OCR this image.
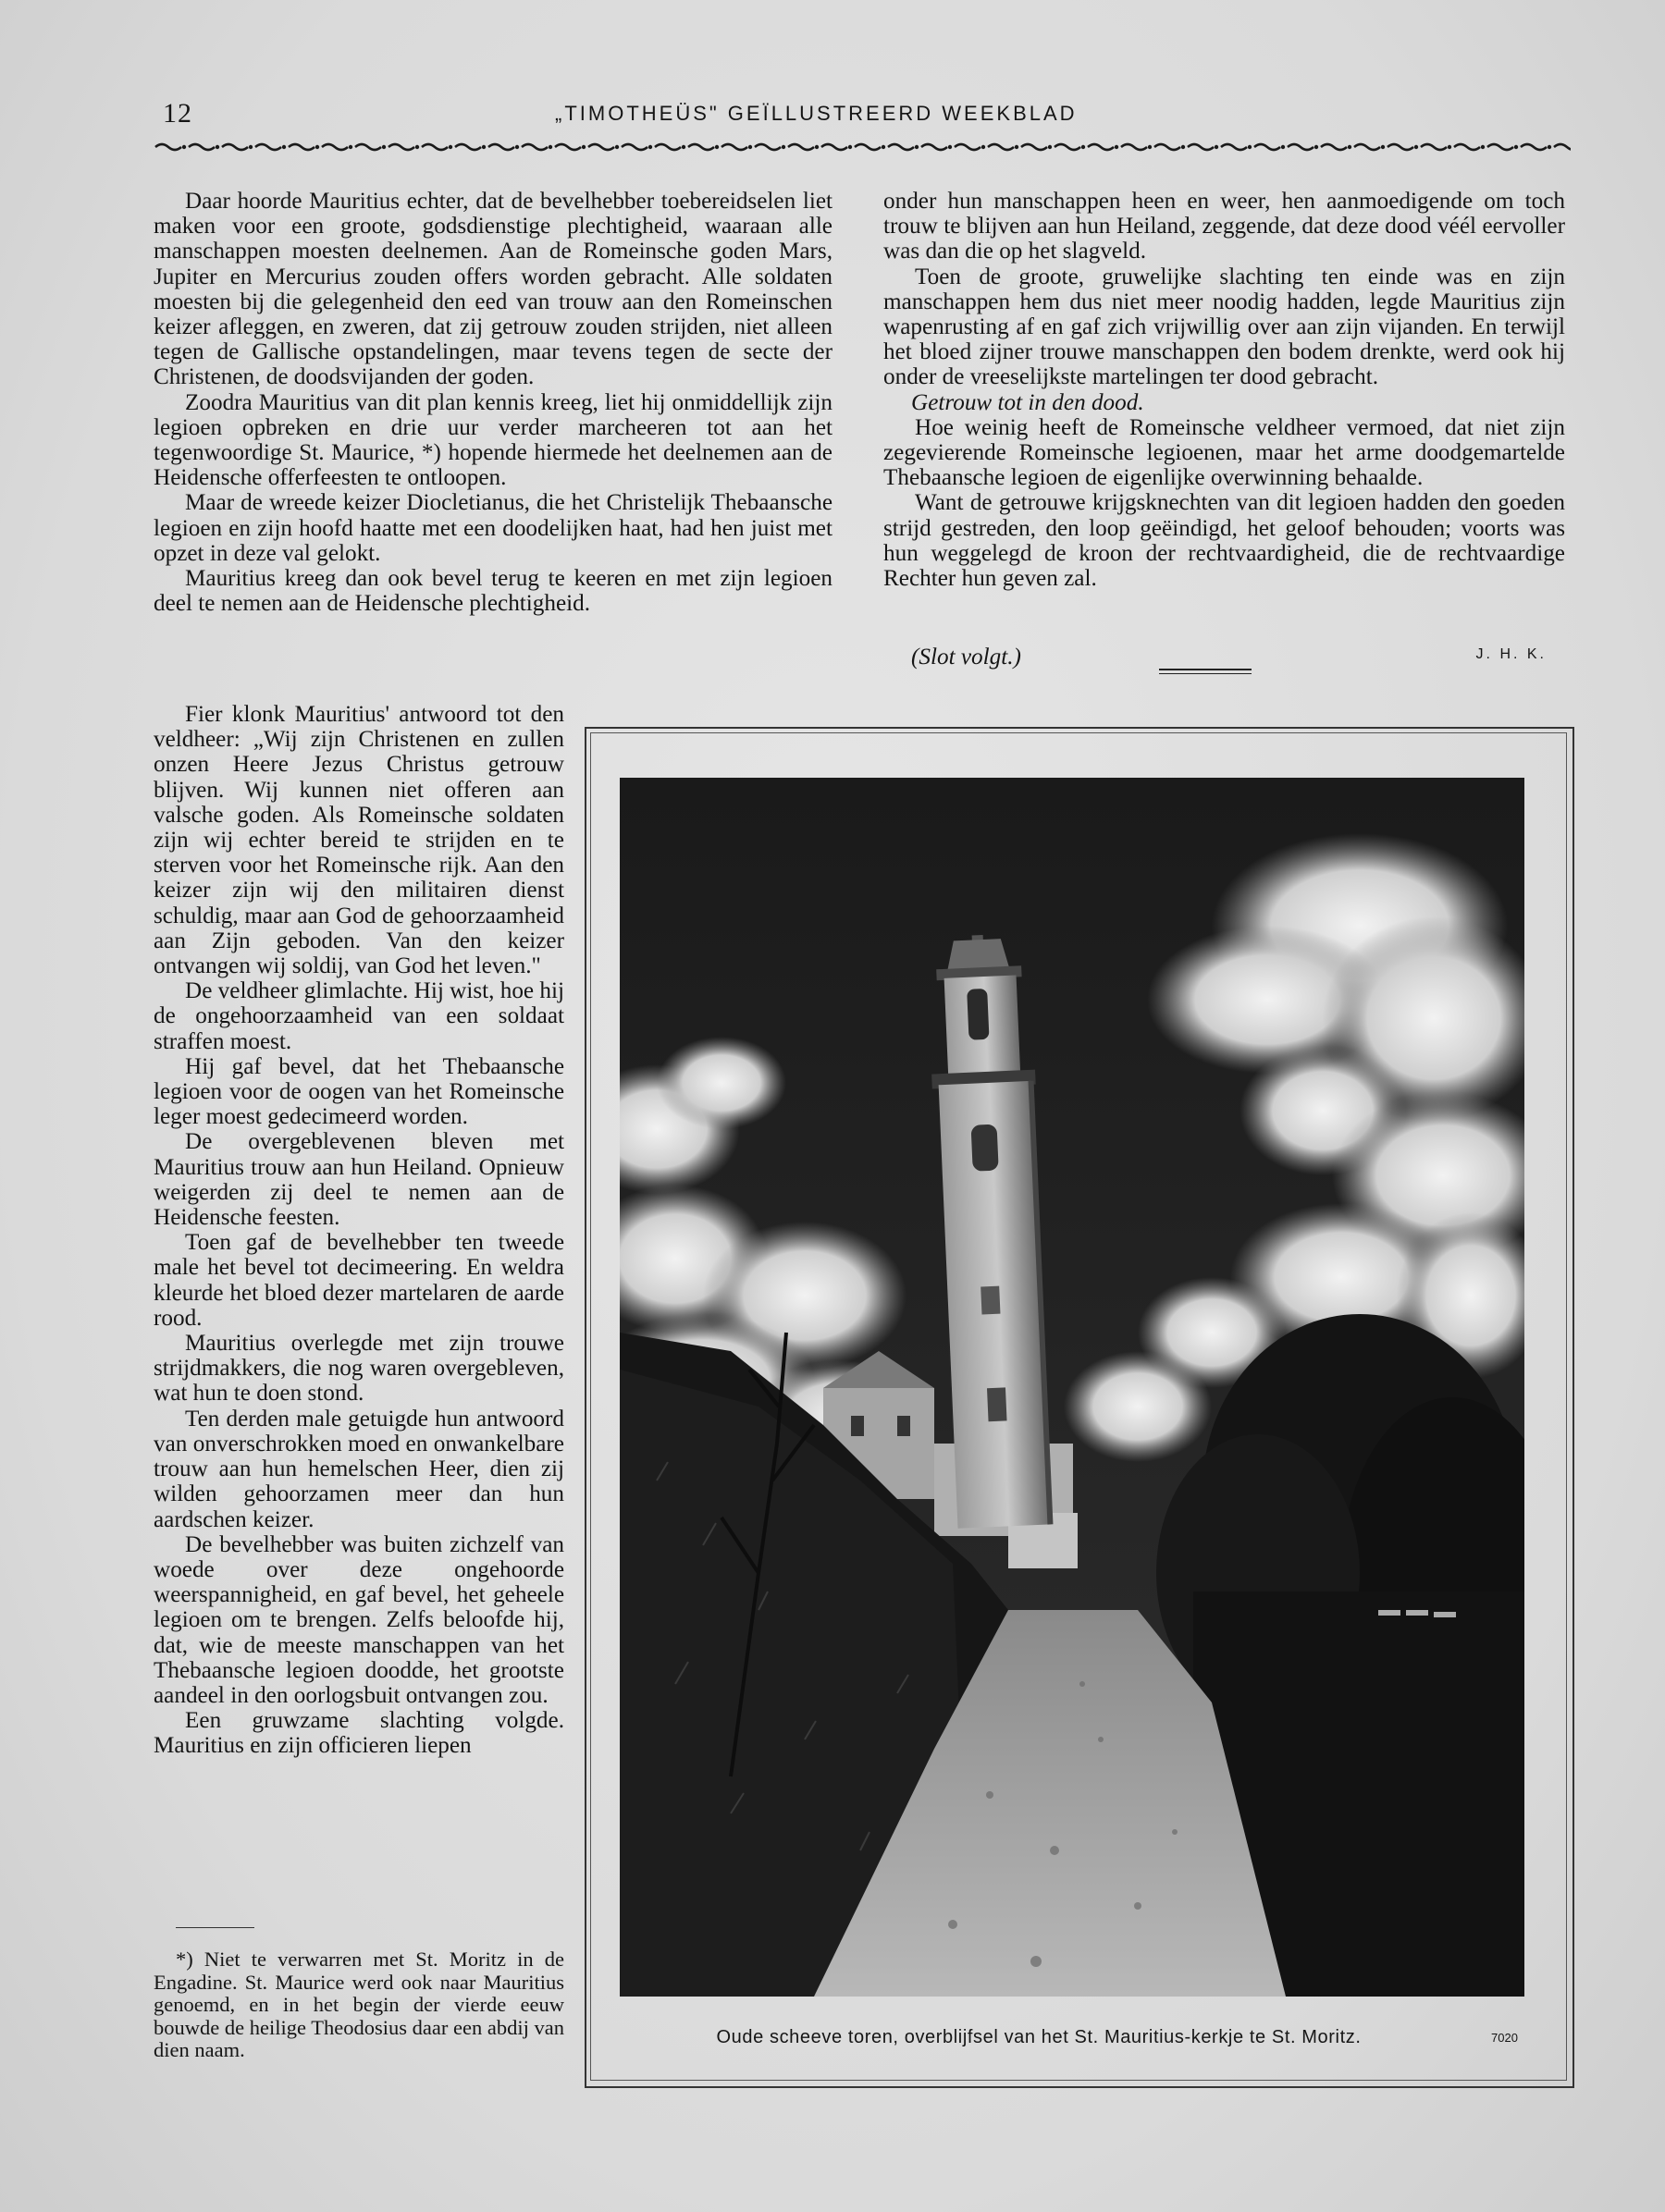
12	„TIMOTHEÜS" GEÏLLUSTREERD WEEKBLAD

Daar hoorde Mauritius echter, dat de bevelhebber toebereidselen liet maken voor een groote, godsdienstige plechtigheid, waaraan alle manschappen moesten deelnemen. Aan de Romeinsche goden Mars, Jupiter en Mercurius zouden offers worden gebracht. Alle soldaten moesten bij die gelegenheid den eed van trouw aan den Romeinschen keizer afleggen, en zweren, dat zij getrouw zouden strijden, niet alleen tegen de Gallische opstandelingen, maar tevens tegen de secte der Christenen, de doodsvijanden der goden.

Zoodra Mauritius van dit plan kennis kreeg, liet hij onmiddellijk zijn legioen opbreken en drie uur verder marcheeren tot aan het tegenwoordige St. Maurice, *) hopende hiermede het deelnemen aan de Heidensche offerfeesten te ontloopen.

Maar de wreede keizer Diocletianus, die het Christelijk Thebaansche legioen en zijn hoofd haatte met een doodelijken haat, had hen juist met opzet in deze val gelokt.

Mauritius kreeg dan ook bevel terug te keeren en met zijn legioen deel te nemen aan de Heidensche plechtigheid.

Fier klonk Mauritius' antwoord tot den veldheer: „Wij zijn Christenen en zullen onzen Heere Jezus Christus getrouw blijven. Wij kunnen niet offeren aan valsche goden. Als Romeinsche soldaten zijn wij echter bereid te strijden en te sterven voor het Romeinsche rijk. Aan den keizer zijn wij den militairen dienst schuldig, maar aan God de gehoorzaamheid aan Zijn geboden. Van den keizer ontvangen wij soldij, van God het leven."

De veldheer glimlachte. Hij wist, hoe hij de ongehoorzaamheid van een soldaat straffen moest.

Hij gaf bevel, dat het Thebaansche legioen voor de oogen van het Romeinsche leger moest gedecimeerd worden.

De overgeblevenen bleven met Mauritius trouw aan hun Heiland. Opnieuw weigerden zij deel te nemen aan de Heidensche feesten.

Toen gaf de bevelhebber ten tweede male het bevel tot decimeering. En weldra kleurde het bloed dezer martelaren de aarde rood.

Mauritius overlegde met zijn trouwe strijdmakkers, die nog waren overgebleven, wat hun te doen stond.

Ten derden male getuigde hun antwoord van onverschrokken moed en onwankelbare trouw aan hun hemelschen Heer, dien zij wilden gehoorzamen meer dan hun aardschen keizer.

De bevelhebber was buiten zichzelf van woede over deze ongehoorde weerspannigheid, en gaf bevel, het geheele legioen om te brengen. Zelfs beloofde hij, dat, wie de meeste manschappen van het Thebaansche legioen doodde, het grootste aandeel in den oorlogsbuit ontvangen zou.

Een gruwzame slachting volgde. Mauritius en zijn officieren liepen

*) Niet te verwarren met St. Moritz in de Engadine. St. Maurice werd ook naar Mauritius genoemd, en in het begin der vierde eeuw bouwde de heilige Theodosius daar een abdij van dien naam.

onder hun manschappen heen en weer, hen aanmoedigende om toch trouw te blijven aan hun Heiland, zeggende, dat deze dood véél eervoller was dan die op het slagveld.

Toen de groote, gruwelijke slachting ten einde was en zijn manschappen hem dus niet meer noodig hadden, legde Mauritius zijn wapenrusting af en gaf zich vrijwillig over aan zijn vijanden. En terwijl het bloed zijner trouwe manschappen den bodem drenkte, werd ook hij onder de vreeselijkste martelingen ter dood gebracht.

Getrouw tot in den dood.

Hoe weinig heeft de Romeinsche veldheer vermoed, dat niet zijn zegevierende Romeinsche legioenen, maar het arme doodgemartelde Thebaansche legioen de eigenlijke overwinning behaalde.

Want de getrouwe krijgsknechten van dit legioen hadden den goeden strijd gestreden, den loop geëindigd, het geloof behouden; voorts was hun weggelegd de kroon der rechtvaardigheid, die de rechtvaardige Rechter hun geven zal.

(Slot volgt.)	J. H. K.
Oude scheeve toren, overblijfsel van het St. Mauritius-kerkje te St. Moritz.	7020
